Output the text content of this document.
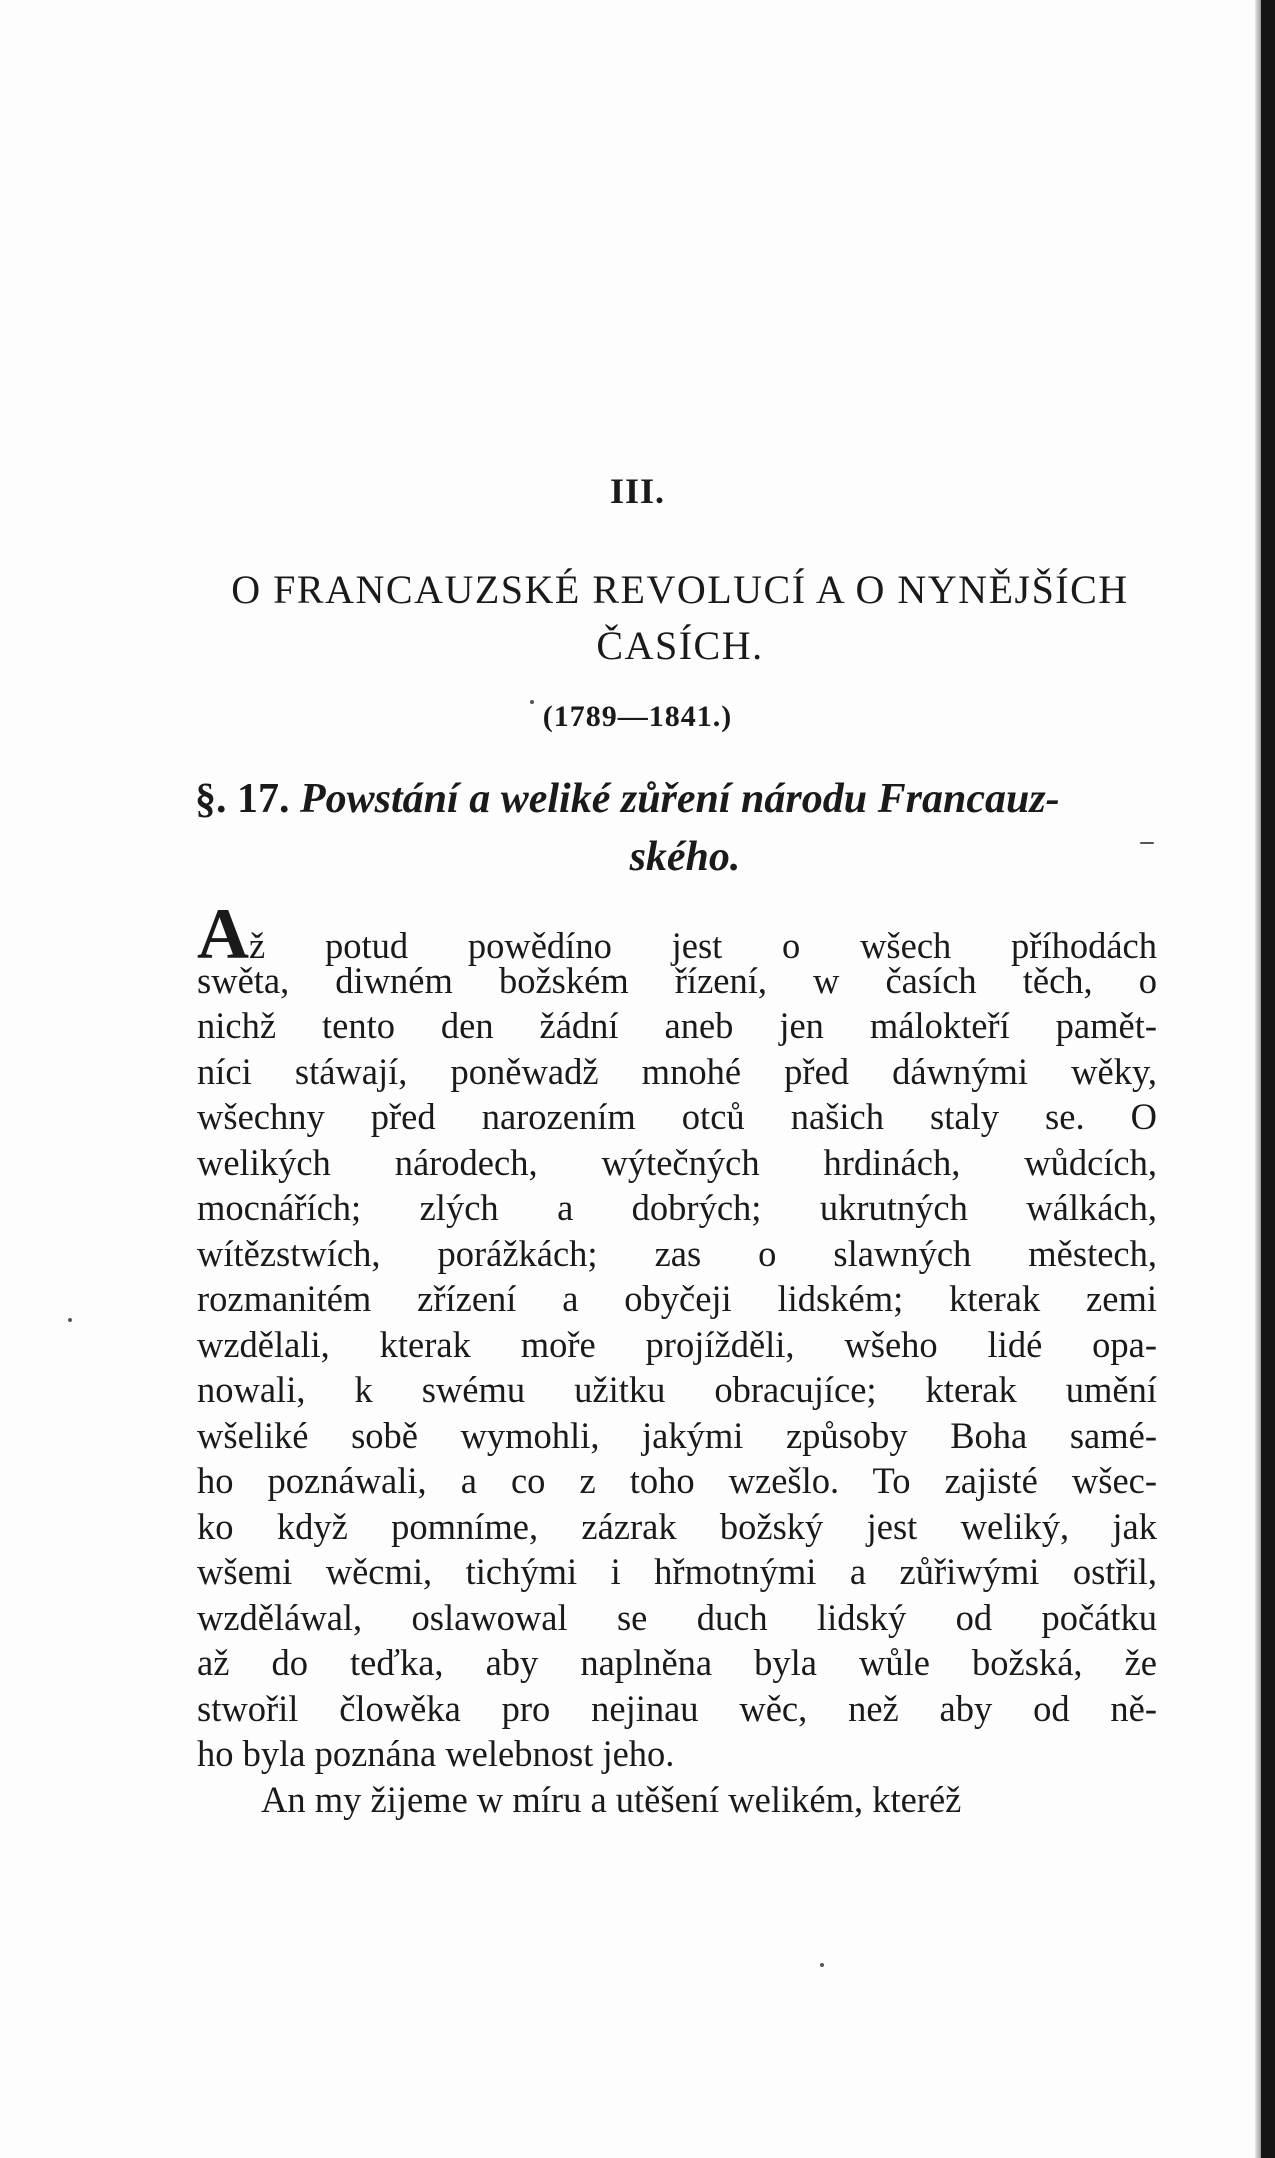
III.
O FRANCAUZSKÉ REVOLUCÍ A O NYNĚJŠÍCH
ČASÍCH.
(1789—1841.)
§. 17. Powstání a weliké zůření národu Francauz-
ského.
Až potud powědíno jest o wšech příhodách
swěta, diwném božském řízení, w časích těch, o
nichž tento den žádní aneb jen málokteří pamět-
níci stáwají, poněwadž mnohé před dáwnými wěky,
wšechny před narozením otců našich staly se. O
welikých národech, wýtečných hrdinách, wůdcích,
mocnářích; zlých a dobrých; ukrutných wálkách,
wítězstwích, porážkách; zas o slawných městech,
rozmanitém zřízení a obyčeji lidském; kterak zemi
wzdělali, kterak moře projížděli, wšeho lidé opa-
nowali, k swému užitku obracujíce; kterak umění
wšeliké sobě wymohli, jakými způsoby Boha samé-
ho poznáwali, a co z toho wzešlo. To zajisté wšec-
ko když pomníme, zázrak božský jest weliký, jak
wšemi wěcmi, tichými i hřmotnými a zůřiwými ostřil,
wzděláwal, oslawowal se duch lidský od počátku
až do teďka, aby naplněna byla wůle božská, že
stwořil člowěka pro nejinau wěc, než aby od ně-
ho byla poznána welebnost jeho.
An my žijeme w míru a utěšení welikém, kteréž
